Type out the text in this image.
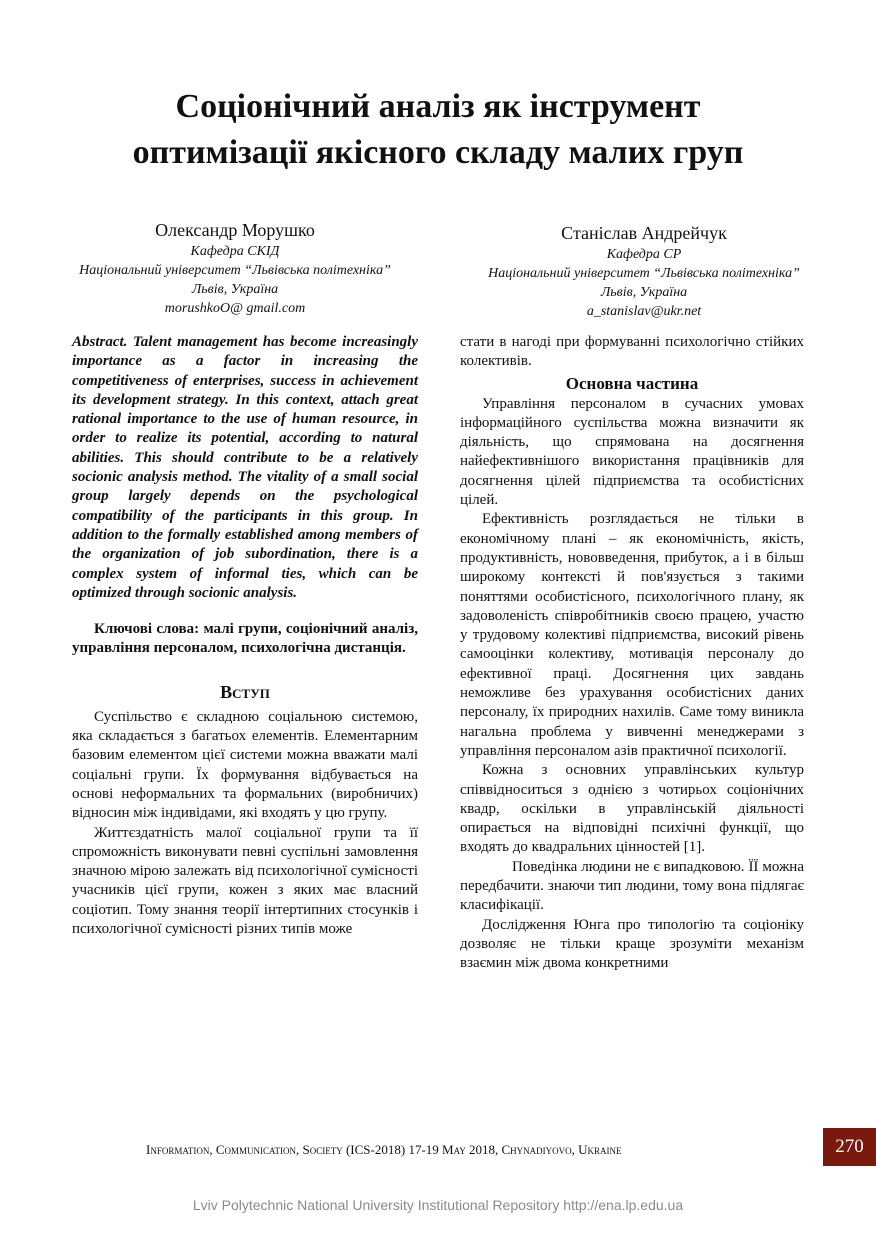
Соціонічний аналіз як інструмент
оптимізації якісного складу малих груп
Олександр Морушко
Кафедра СКІД
Національний університет “Львівська політехніка”
Львів, Україна
morushkoO@ gmail.com
Станіслав Андрейчук
Кафедра СР
Національний університет “Львівська політехніка”
Львів, Україна
a_stanislav@ukr.net

Abstract. Talent management has become increasingly importance as a factor in increasing the competitiveness of enterprises, success in achievement its development strategy. In this context, attach great rational importance to the use of human resource, in order to realize its potential, according to natural abilities. This should contribute to be a relatively socionic analysis method. The vitality of a small social group largely depends on the psychological compatibility of the participants in this group. In addition to the formally established among members of the organization of job subordination, there is a complex system of informal ties, which can be optimized through socionic analysis.

Ключові слова: малі групи, соціонічний аналіз, управління персоналом, психологічна дистанція.

Вступ

Суспільство є складною соціальною системою, яка складається з багатьох елементів. Елементарним базовим елементом цієї системи можна вважати малі соціальні групи. Їх формування відбувається на основі неформальних та формальних (виробничих) відносин між індивідами, які входять у цю групу.

Життєздатність малої соціальної групи та її спроможність виконувати певні суспільні замовлення значною мірою залежать від психологічної сумісності учасників цієї групи, кожен з яких має власний соціотип. Тому знання теорії інтертипних стосунків і психологічної сумісності різних типів може

стати в нагоді при формуванні психологічно стійких колективів.

Основна частина

Управління персоналом в сучасних умовах інформаційного суспільства можна визначити як діяльність, що спрямована на досягнення найефективнішого використання працівників для досягнення цілей підприємства та особистісних цілей.

Ефективність розглядається не тільки в економічному плані – як економічність, якість, продуктивність, нововведення, прибуток, а і в більш широкому контексті й пов'язується з такими поняттями особистісного, психологічного плану, як задоволеність співробітників своєю працею, участю у трудовому колективі підприємства, високий рівень самооцінки колективу, мотивація персоналу до ефективної праці. Досягнення цих завдань неможливе без урахування особистісних даних персоналу, їх природних нахилів. Саме тому виникла нагальна проблема у вивченні менеджерами з управління персоналом азів практичної психології.

Кожна з основних управлінських культур співвідноситься з однією з чотирьох соціонічних квадр, оскільки в управлінській діяльності опирається на відповідні психічні функції, що входять до квадральних цінностей [1].

Поведінка людини не є випадковою. ЇЇ можна передбачити. знаючи тип людини, тому вона підлягає класифікації.

Дослідження Юнга про типологію та соціоніку дозволяє не тільки краще зрозуміти механізм взаємин між двома конкретними

Information, Communication, Society (ICS-2018) 17-19 May 2018, Chynadiyovo, Ukraine	270
Lviv Polytechnic National University Institutional Repository http://ena.lp.edu.ua
